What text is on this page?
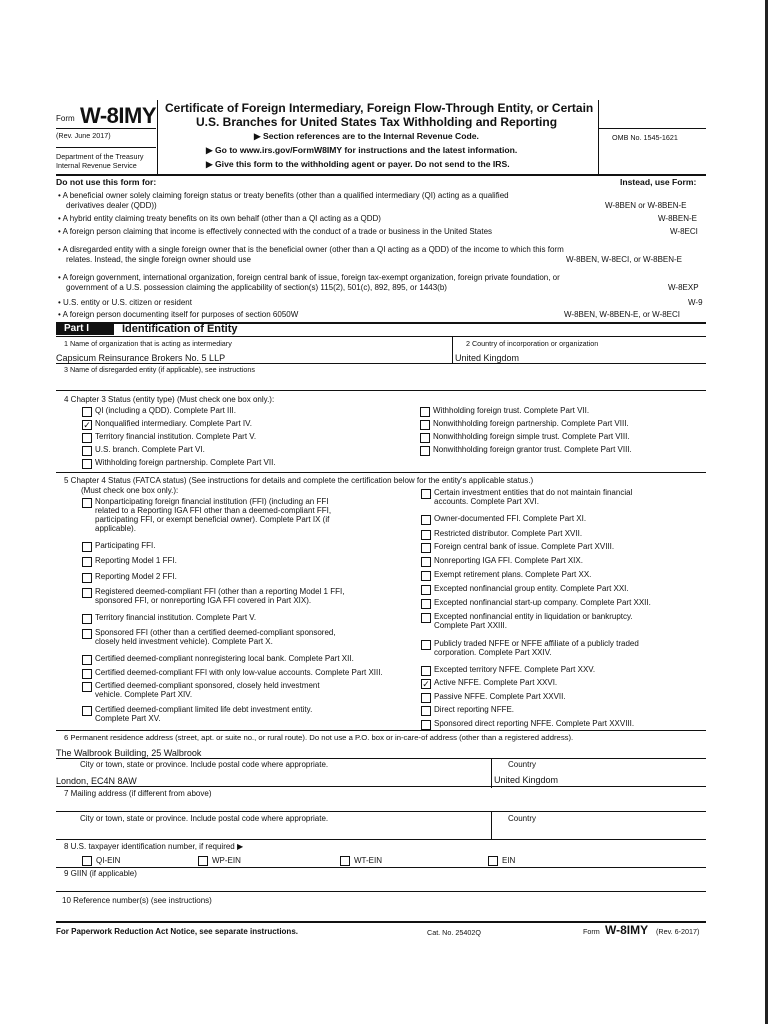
Form W-8IMY
(Rev. June 2017)
Department of the Treasury
Internal Revenue Service
Certificate of Foreign Intermediary, Foreign Flow-Through Entity, or Certain
U.S. Branches for United States Tax Withholding and Reporting
▶ Section references are to the Internal Revenue Code.
▶ Go to www.irs.gov/FormW8IMY for instructions and the latest information.
▶ Give this form to the withholding agent or payer. Do not send to the IRS.
OMB No. 1545-1621
Do not use this form for:	Instead, use Form:
• A beneficial owner solely claiming foreign status or treaty benefits (other than a qualified intermediary (QI) acting as a qualified
derivatives dealer (QDD))	W-8BEN or W-8BEN-E
• A hybrid entity claiming treaty benefits on its own behalf (other than a QI acting as a QDD)	W-8BEN-E
• A foreign person claiming that income is effectively connected with the conduct of a trade or business in the United States	W-8ECI
• A disregarded entity with a single foreign owner that is the beneficial owner (other than a QI acting as a QDD) of the income to which this form
relates. Instead, the single foreign owner should use	W-8BEN, W-8ECI, or W-8BEN-E
• A foreign government, international organization, foreign central bank of issue, foreign tax-exempt organization, foreign private foundation, or
government of a U.S. possession claiming the applicability of section(s) 115(2), 501(c), 892, 895, or 1443(b)	W-8EXP
• U.S. entity or U.S. citizen or resident	W-9
• A foreign person documenting itself for purposes of section 6050W	W-8BEN, W-8BEN-E, or W-8ECI
Part I	Identification of Entity
1 Name of organization that is acting as intermediary
Capsicum Reinsurance Brokers No. 5 LLP
2 Country of incorporation or organization
United Kingdom
3 Name of disregarded entity (if applicable), see instructions
4 Chapter 3 Status (entity type) (Must check one box only.):
QI (including a QDD). Complete Part III.
✓ Nonqualified intermediary. Complete Part IV.
Territory financial institution. Complete Part V.
U.S. branch. Complete Part VI.
Withholding foreign partnership. Complete Part VII.
Withholding foreign trust. Complete Part VII.
Nonwithholding foreign partnership. Complete Part VIII.
Nonwithholding foreign simple trust. Complete Part VIII.
Nonwithholding foreign grantor trust. Complete Part VIII.
5 Chapter 4 Status (FATCA status) (See instructions for details and complete the certification below for the entity's applicable status.)
(Must check one box only.):
Nonparticipating foreign financial institution (FFI) (including an FFI
related to a Reporting IGA FFI other than a deemed-compliant FFI,
participating FFI, or exempt beneficial owner). Complete Part IX (if
applicable).
Participating FFI.
Reporting Model 1 FFI.
Reporting Model 2 FFI.
Registered deemed-compliant FFI (other than a reporting Model 1 FFI,
sponsored FFI, or nonreporting IGA FFI covered in Part XIX).
Territory financial institution. Complete Part V.
Sponsored FFI (other than a certified deemed-compliant sponsored,
closely held investment vehicle). Complete Part X.
Certified deemed-compliant nonregistering local bank. Complete Part XII.
Certified deemed-compliant FFI with only low-value accounts. Complete Part XIII.
Certified deemed-compliant sponsored, closely held investment
vehicle. Complete Part XIV.
Certified deemed-compliant limited life debt investment entity.
Complete Part XV.
Certain investment entities that do not maintain financial
accounts. Complete Part XVI.
Owner-documented FFI. Complete Part XI.
Restricted distributor. Complete Part XVII.
Foreign central bank of issue. Complete Part XVIII.
Nonreporting IGA FFI. Complete Part XIX.
Exempt retirement plans. Complete Part XX.
Excepted nonfinancial group entity. Complete Part XXI.
Excepted nonfinancial start-up company. Complete Part XXII.
Excepted nonfinancial entity in liquidation or bankruptcy.
Complete Part XXIII.
Publicly traded NFFE or NFFE affiliate of a publicly traded
corporation. Complete Part XXIV.
Excepted territory NFFE. Complete Part XXV.
✓ Active NFFE. Complete Part XXVI.
Passive NFFE. Complete Part XXVII.
Direct reporting NFFE.
Sponsored direct reporting NFFE. Complete Part XXVIII.
6 Permanent residence address (street, apt. or suite no., or rural route). Do not use a P.O. box or in-care-of address (other than a registered address).
The Walbrook Building, 25 Walbrook
City or town, state or province. Include postal code where appropriate.	Country
London, EC4N 8AW	United Kingdom
7 Mailing address (if different from above)
City or town, state or province. Include postal code where appropriate.	Country
8 U.S. taxpayer identification number, if required ▶
QI-EIN	WP-EIN	WT-EIN	EIN
9 GIIN (if applicable)
10 Reference number(s) (see instructions)
For Paperwork Reduction Act Notice, see separate instructions.	Cat. No. 25402Q	Form W-8IMY (Rev. 6-2017)
